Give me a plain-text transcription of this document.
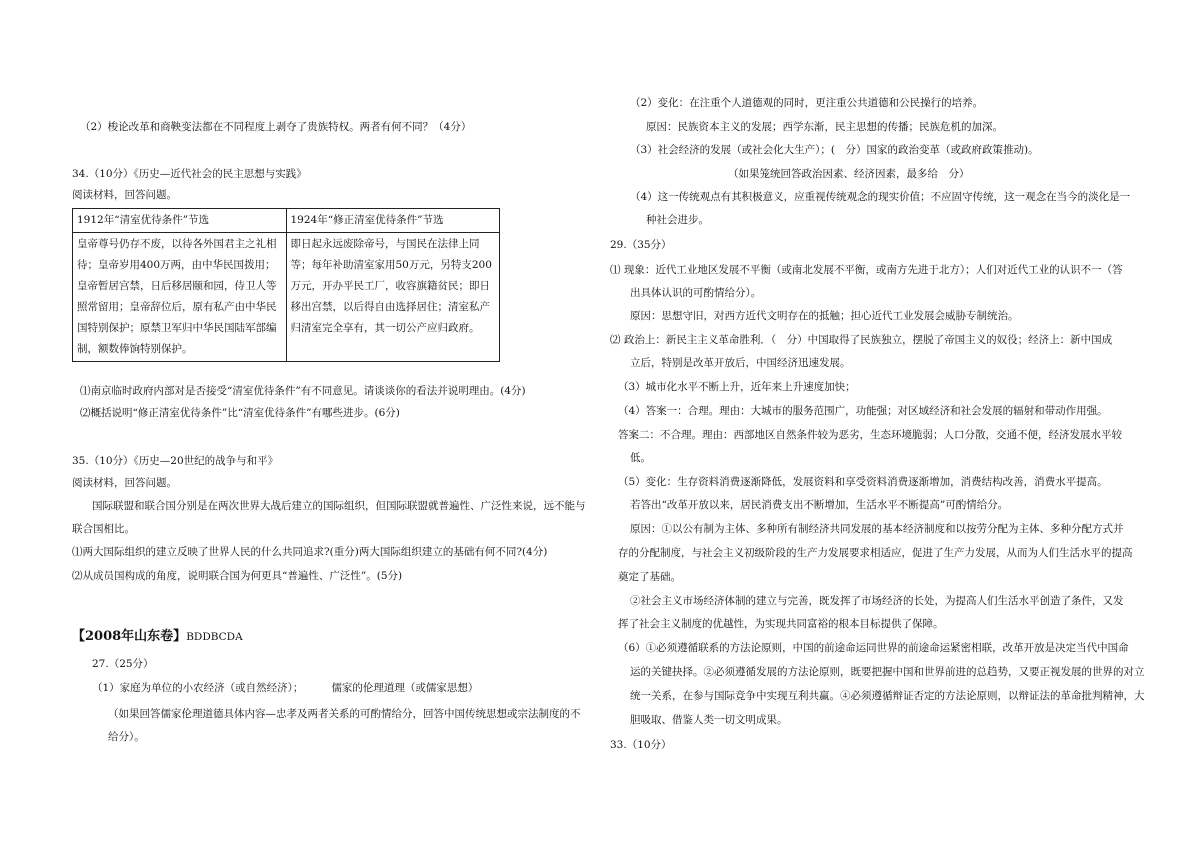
（2）梭论改革和商鞅变法都在不同程度上剥夺了贵族特权。两者有何不同？（4分）

34.（10分）《历史—近代社会的民主思想与实践》

阅读材料，回答问题。

1912年“清室优待条件”节选	1924年“修正清室优待条件”节选
皇帝尊号仍存不废，以待各外国君主之礼相待；皇帝岁用400万两，由中华民国拨用；皇帝暂居宫禁，日后移居颐和园，侍卫人等照常留用；皇帝辞位后，原有私产由中华民国特别保护；原禁卫军归中华民国陆军部编制，额数俸饷特别保护。	即日起永远废除帝号，与国民在法律上同等；每年补助清室家用50万元，另特支200万元，开办平民工厂，收容旗籍贫民；即日移出宫禁，以后得自由选择居住；清室私产归清室完全享有，其一切公产应归政府。

⑴南京临时政府内部对是否接受“清室优待条件”有不同意见。请谈谈你的看法并说明理由。(4分)

⑵概括说明“修正清室优待条件”比“清室优待条件”有哪些进步。(6分)

35.（10分）《历史—20世纪的战争与和平》

阅读材料，回答问题。

国际联盟和联合国分别是在两次世界大战后建立的国际组织，但国际联盟就普遍性、广泛性来说，远不能与

联合国相比。

⑴两大国际组织的建立反映了世界人民的什么共同追求?(重分)两大国际组织建立的基础有何不同?(4分)

⑵从成员国构成的角度，说明联合国为何更具“普遍性、广泛性”。(5分)

【2008年山东卷】BDDBCDA

27.（25分）

（1）家庭为单位的小农经济（或自然经济）；	儒家的伦理道理（或儒家思想）

（如果回答儒家伦理道德具体内容—忠孝及两者关系的可酌情给分，回答中国传统思想或宗法制度的不

给分）。

（2）变化：在注重个人道德观的同时，更注重公共道德和公民操行的培养。

原因：民族资本主义的发展；西学东渐，民主思想的传播；民族危机的加深。

（3）社会经济的发展（或社会化大生产）；(　分）国家的政治变革（或政府政策推动)。

（如果笼统回答政治因素、经济因素，最多给　分）

（4）这一传统观点有其积极意义，应重视传统观念的现实价值；不应固守传统，这一观念在当今的淡化是一

种社会进步。

29.（35分）

⑴ 现象：近代工业地区发展不平衡（或南北发展不平衡，或南方先进于北方）；人们对近代工业的认识不一（答

出具体认识的可酌情给分）。

原因：思想守旧，对西方近代文明存在的抵触；担心近代工业发展会威胁专制统治。

⑵ 政治上：新民主主义革命胜利．（　分）中国取得了民族独立，摆脱了帝国主义的奴役；经济上：新中国成

立后，特别是改革开放后，中国经济迅速发展。

（3）城市化水平不断上升，近年来上升速度加快；

（4）答案一：合理。理由：大城市的服务范围广，功能强；对区域经济和社会发展的辐射和带动作用强。

答案二：不合理。理由：西部地区自然条件较为恶劣，生态环境脆弱；人口分散，交通不便，经济发展水平较

低。

（5）变化：生存资料消费逐渐降低，发展资料和享受资料消费逐渐增加，消费结构改善，消费水平提高。

若答出“改革开放以来，居民消费支出不断增加，生活水平不断提高”可酌情给分。

原因：①以公有制为主体、多种所有制经济共同发展的基本经济制度和以按劳分配为主体、多种分配方式并

存的分配制度，与社会主义初级阶段的生产力发展要求相适应，促进了生产力发展，从而为人们生活水平的提高

奠定了基础。

②社会主义市场经济体制的建立与完善，既发挥了市场经济的长处，为提高人们生活水平创造了条件，又发

挥了社会主义制度的优越性，为实现共同富裕的根本目标提供了保障。

（6）①必须遵循联系的方法论原则，中国的前途命运同世界的前途命运紧密相联，改革开放是决定当代中国命

运的关键抉择。②必须遵循发展的方法论原则，既要把握中国和世界前进的总趋势，又要正视发展的世界的对立

统一关系，在参与国际竞争中实现互利共赢。④必须遵循辩证否定的方法论原则，以辩证法的革命批判精神，大

胆吸取、借鉴人类一切文明成果。

33.（10分）
